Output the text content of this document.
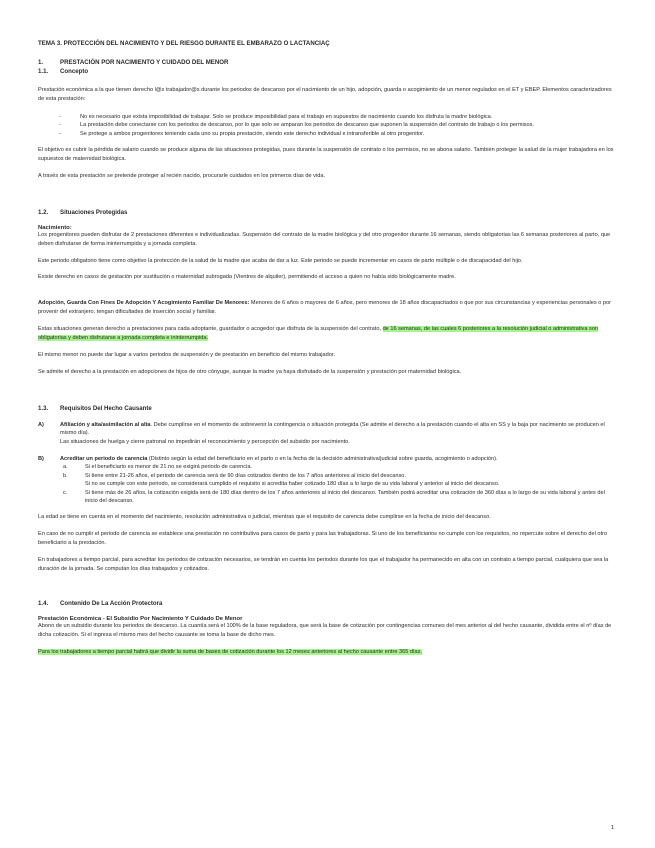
TEMA 3. PROTECCIÓN DEL NACIMIENTO Y DEL RIESGO DURANTE EL EMBARAZO O LACTANCIAÇ

1.	PRESTACIÓN POR NACIMIENTO Y CUIDADO DEL MENOR
1.1.	Concepto

Prestación económica a la que tienen derecho l@s trabajador@s durante los periodos de descanso por el nacimiento de un hijo, adopción, guarda o acogimiento de un menor regulados en el ET y EBEP. Elementos caracterizadores de esta prestación:

-	No es necesario que exista imposibilidad de trabajar. Solo se produce imposibilidad para el trabajo en supuestos de nacimiento cuando los disfruta la madre biológica.
-	La prestación debe conectarse con los periodos de descanso, por lo que solo se amparan los periodos de descanso que suponen la suspensión del contrato de trabajo o los permisos.
-	Se protege a ambos progenitores teniendo cada uno su propia prestación, siendo este derecho individual e intransferible al otro progenitor.

El objetivo es cubrir la pérdida de salario cuando se produce alguna de las situaciones protegidas, pues durante la suspensión de contrato o los permisos, no se abona salario. También proteger la salud de la mujer trabajadora en los supuestos de maternidad biológica.

A través de esta prestación se pretende proteger al recién nacido, procurarle cuidados en los primeros días de vida.

1.2.	Situaciones Protegidas

Nacimiento:

Los progenitores pueden disfrutar de 2 prestaciones diferentes e individualizadas. Suspensión del contrato de la madre biológica y del otro progenitor durante 16 semanas, siendo obligatorias las 6 semanas posteriores al parto, que deben disfrutarse de forma ininterrumpida y a jornada completa.

Este periodo obligatorio tiene como objetivo la protección de la salud de la madre que acaba de dar a luz. Este periodo se puede incrementar en casos de parto múltiple o de discapacidad del hijo.

Existe derecho en casos de gestación por sustitución o maternidad subrogada (Vientres de alquiler), permitiendo el acceso a quien no había sido biológicamente madre.

Adopción, Guarda Con Fines De Adopción Y Acogimiento Familiar De Menores: Menores de 6 años o mayores de 6 años, pero menores de 18 años discapacitados o que por sus circunstancias y experiencias personales o por provenir del extranjero, tengan dificultades de inserción social y familiar.

Estas situaciones generan derecho a prestaciones para cada adoptante, guardador o acogedor que disfruta de la suspensión del contrato, de 16 semanas, de las cuales 6 posteriores a la resolución judicial o administrativa son obligatorias y deben disfrutarse a jornada completa e ininterrumpida.

El mismo menor no puede dar lugar a varios periodos de suspensión y de prestación en beneficio del mismo trabajador.

Se admite el derecho a la prestación en adopciones de hijos de otro cónyuge, aunque la madre ya haya disfrutado de la suspensión y prestación por maternidad biológica.

1.3.	Requisitos Del Hecho Causante
A)	Afiliación y alta/asimilación al alta. Debe cumplirse en el momento de sobrevenir la contingencia o situación protegida (Se admite el derecho a la prestación cuando el alta en SS y la baja por nacimiento se producen el mismo día).
Las situaciones de huelga y cierre patronal no impedirán el reconocimiento y percepción del subsidio por nacimiento.
B)	Acreditar un periodo de carencia (Distinto según la edad del beneficiario en el parto o en la fecha de la decisión administrativa/judicial sobre guarda, acogimiento o adopción).
a.	Si el beneficiario es menor de 21 no se exigirá periodo de carencia.
b.	Si tiene entre 21-26 años, el periodo de carencia será de 90 días cotizados dentro de los 7 años anteriores al inicio del descanso.
Si no se cumple con este periodo, se considerará cumplido el requisito si acredita haber cotizado 180 días a lo largo de su vida laboral y anterior al inicio del descanso.
c.	Si tiene más de 26 años, la cotización exigida será de 180 días dentro de los 7 años anteriores al inicio del descanso. También podrá acreditar una cotización de 360 días a lo largo de su vida laboral y antes del inicio del descanso.

La edad se tiene en cuenta en el momento del nacimiento, resolución administrativa o judicial, mientras que el requisito de carencia debe cumplirse en la fecha de inicio del descanso.

En caso de no cumplir el periodo de carencia se establece una prestación no contributiva para casos de parto y para las trabajadoras. Si uno de los beneficiarios no cumple con los requisitos, no repercute sobre el derecho del otro beneficiario a la prestación.

En trabajadores a tiempo parcial, para acreditar los periodos de cotización necesarios, se tendrán en cuenta los periodos durante los que el trabajador ha permanecido en alta con un contrato a tiempo parcial, cualquiera que sea la duración de la jornada. Se computan los días trabajados y cotizados.

1.4.	Contenido De La Acción Protectora

Prestación Económica - El Subsidio Por Nacimiento Y Cuidado De Menor

Abono de un subsidio durante los periodos de descanso. La cuantía será el 100% de la base reguladora, que será la base de cotización por contingencias comunes del mes anterior al del hecho causante, dividida entre el nº días de dicha cotización. Si el ingresa el mismo mes del hecho causante se toma la base de dicho mes.

Para los trabajadores a tiempo parcial habrá que dividir la suma de bases de cotización durante los 12 meses anteriores al hecho causante entre 365 días.

1
